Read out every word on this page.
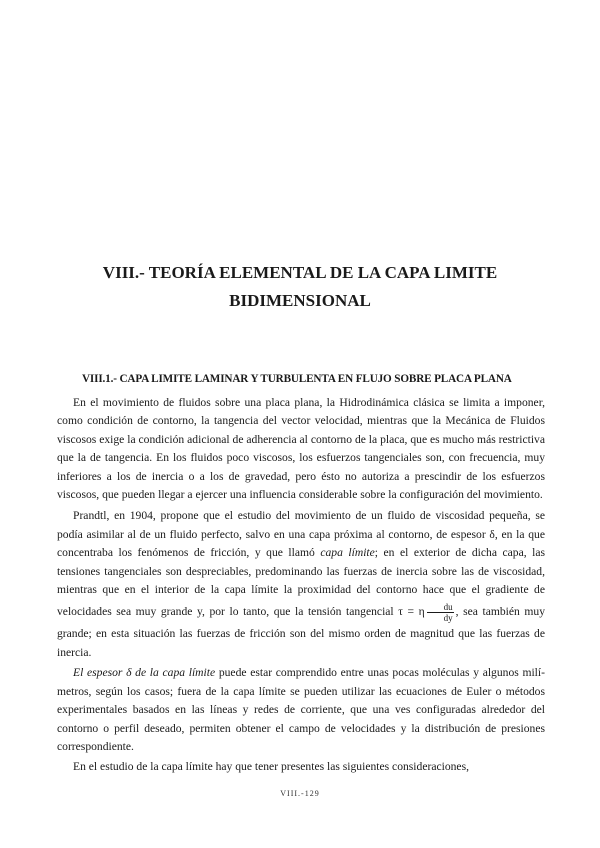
VIII.- TEORÍA ELEMENTAL DE LA CAPA LIMITE
BIDIMENSIONAL
VIII.1.- CAPA LIMITE LAMINAR Y TURBULENTA EN FLUJO SOBRE PLACA PLANA

En el movimiento de fluidos sobre una placa plana, la Hidrodinámica clásica se limita a imponer, como condición de contorno, la tangencia del vector velocidad, mientras que la Mecánica de Fluidos viscosos exige la condición adicional de adherencia al contorno de la placa, que es mucho más restrictiva que la de tangencia. En los fluidos poco viscosos, los esfuerzos tangenciales son, con frecuencia, muy inferiores a los de inercia o a los de gravedad, pero ésto no autoriza a prescindir de los esfuerzos viscosos, que pueden llegar a ejercer una influencia considerable sobre la configuración del movimiento.

Prandtl, en 1904, propone que el estudio del movimiento de un fluido de viscosidad pequeña, se podía asimilar al de un fluido perfecto, salvo en una capa próxima al contorno, de espesor δ, en la que concentraba los fenómenos de fricción, y que llamó capa límite; en el exterior de dicha capa, las tensiones tangenciales son despreciables, predominando las fuerzas de inercia sobre las de viscosidad, mientras que en el interior de la capa límite la proximidad del contorno hace que el gradiente de velocidades sea muy grande y, por lo tanto, que la tensión tangencial τ = η $\frac{du}{dy}$ , sea también muy grande; en esta situación las fuerzas de fricción son del mismo orden de magnitud que las fuerzas de inercia.

El espesor δ de la capa límite puede estar comprendido entre unas pocas moléculas y algunos milímetros, según los casos; fuera de la capa límite se pueden utilizar las ecuaciones de Euler o métodos experimentales basados en las líneas y redes de corriente, que una ves configuradas alrededor del contorno o perfil deseado, permiten obtener el campo de velocidades y la distribución de presiones correspondiente.

En el estudio de la capa límite hay que tener presentes las siguientes consideraciones,

VIII.-129
